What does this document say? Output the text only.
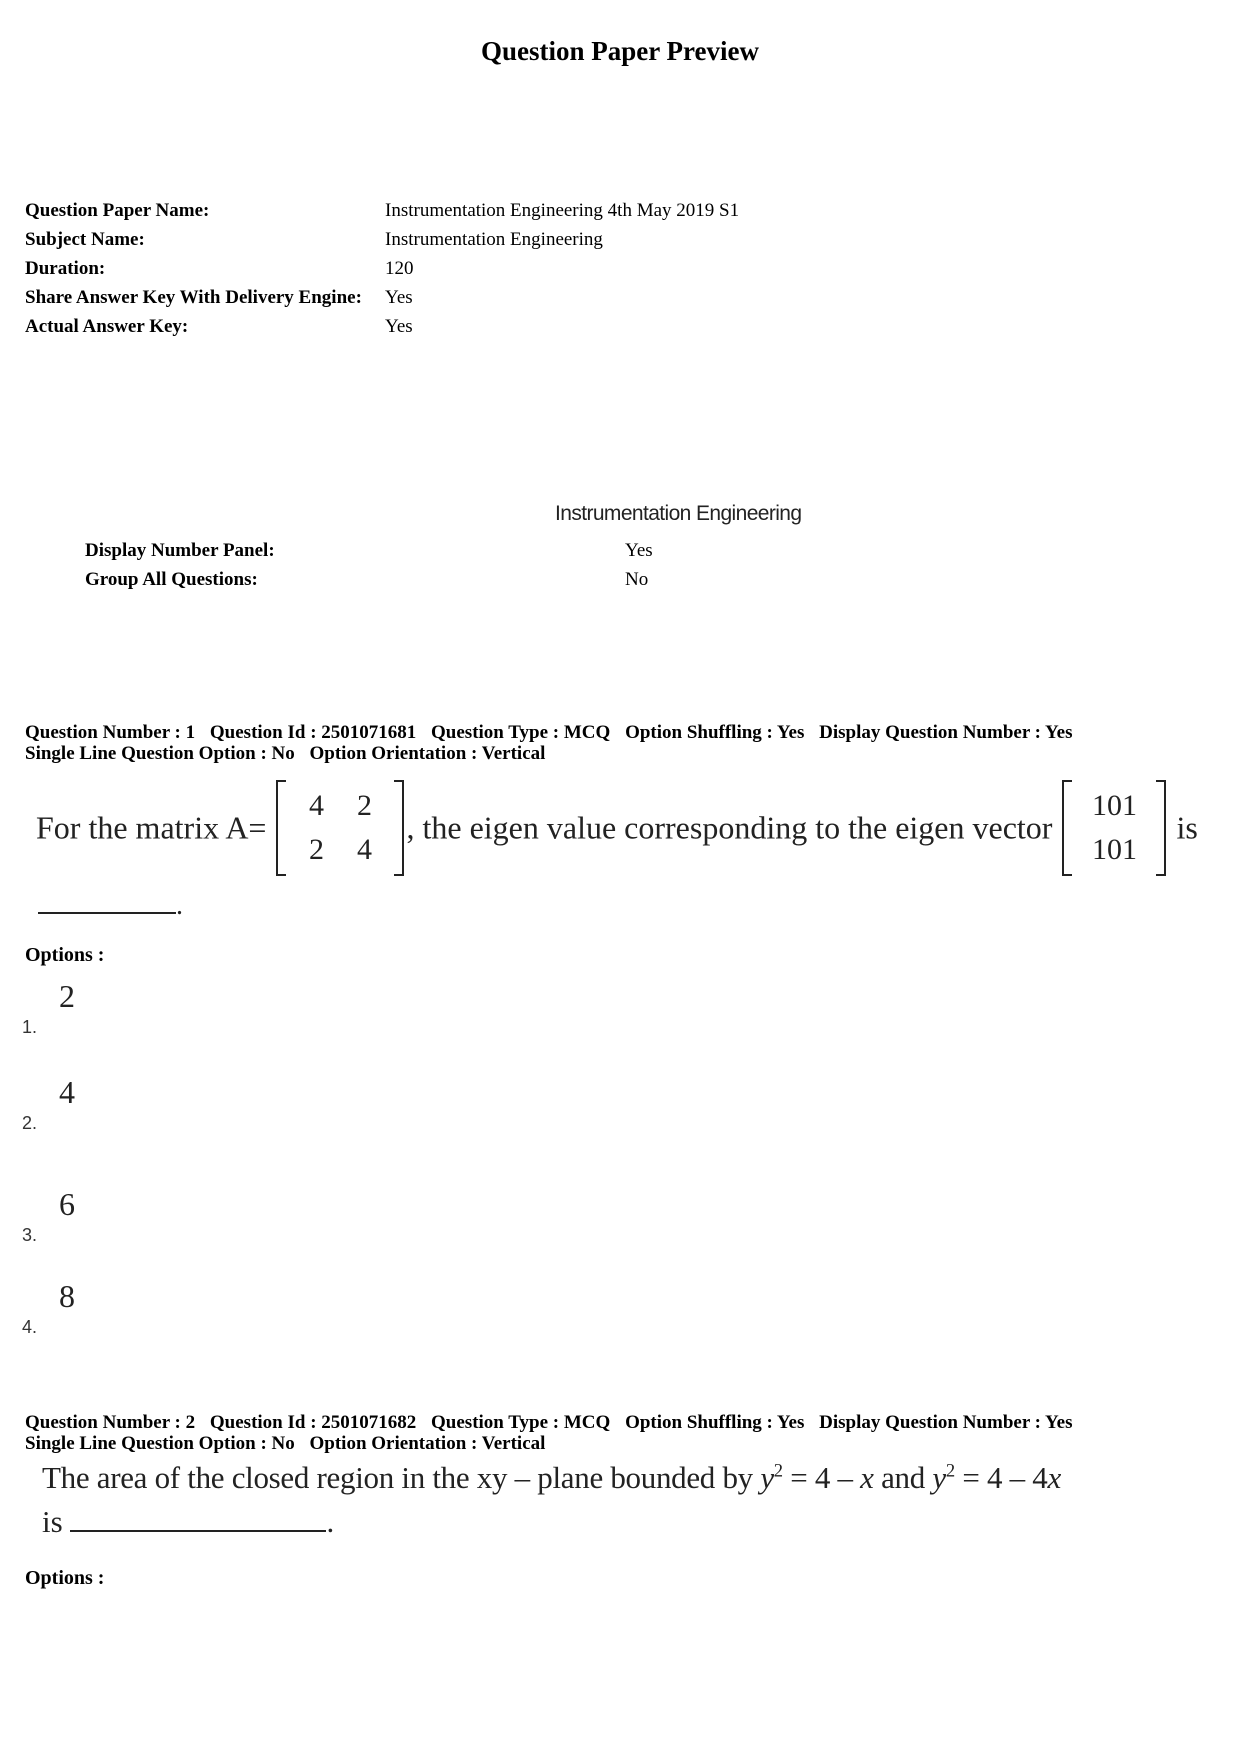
Question Paper Preview
Question Paper Name:	Instrumentation Engineering 4th May 2019 S1
Subject Name:	Instrumentation Engineering
Duration:	120
Share Answer Key With Delivery Engine:	Yes
Actual Answer Key:	Yes
Instrumentation Engineering
Display Number Panel:	Yes
Group All Questions:	No
Question Number : 1 Question Id : 2501071681 Question Type : MCQ Option Shuffling : Yes Display Question Number : Yes
Single Line Question Option : No Option Orientation : Vertical
For the matrix A=
4	2
2	4
, the eigen value corresponding to the eigen vector
101
101
is
.
Options :
1.
2
2.
4
3.
6
4.
8
Question Number : 2 Question Id : 2501071682 Question Type : MCQ Option Shuffling : Yes Display Question Number : Yes
Single Line Question Option : No Option Orientation : Vertical
The area of the closed region in the xy – plane bounded by $y^2 = 4 - x$ and $y^2 = 4 - 4x$
is	.
Options :
